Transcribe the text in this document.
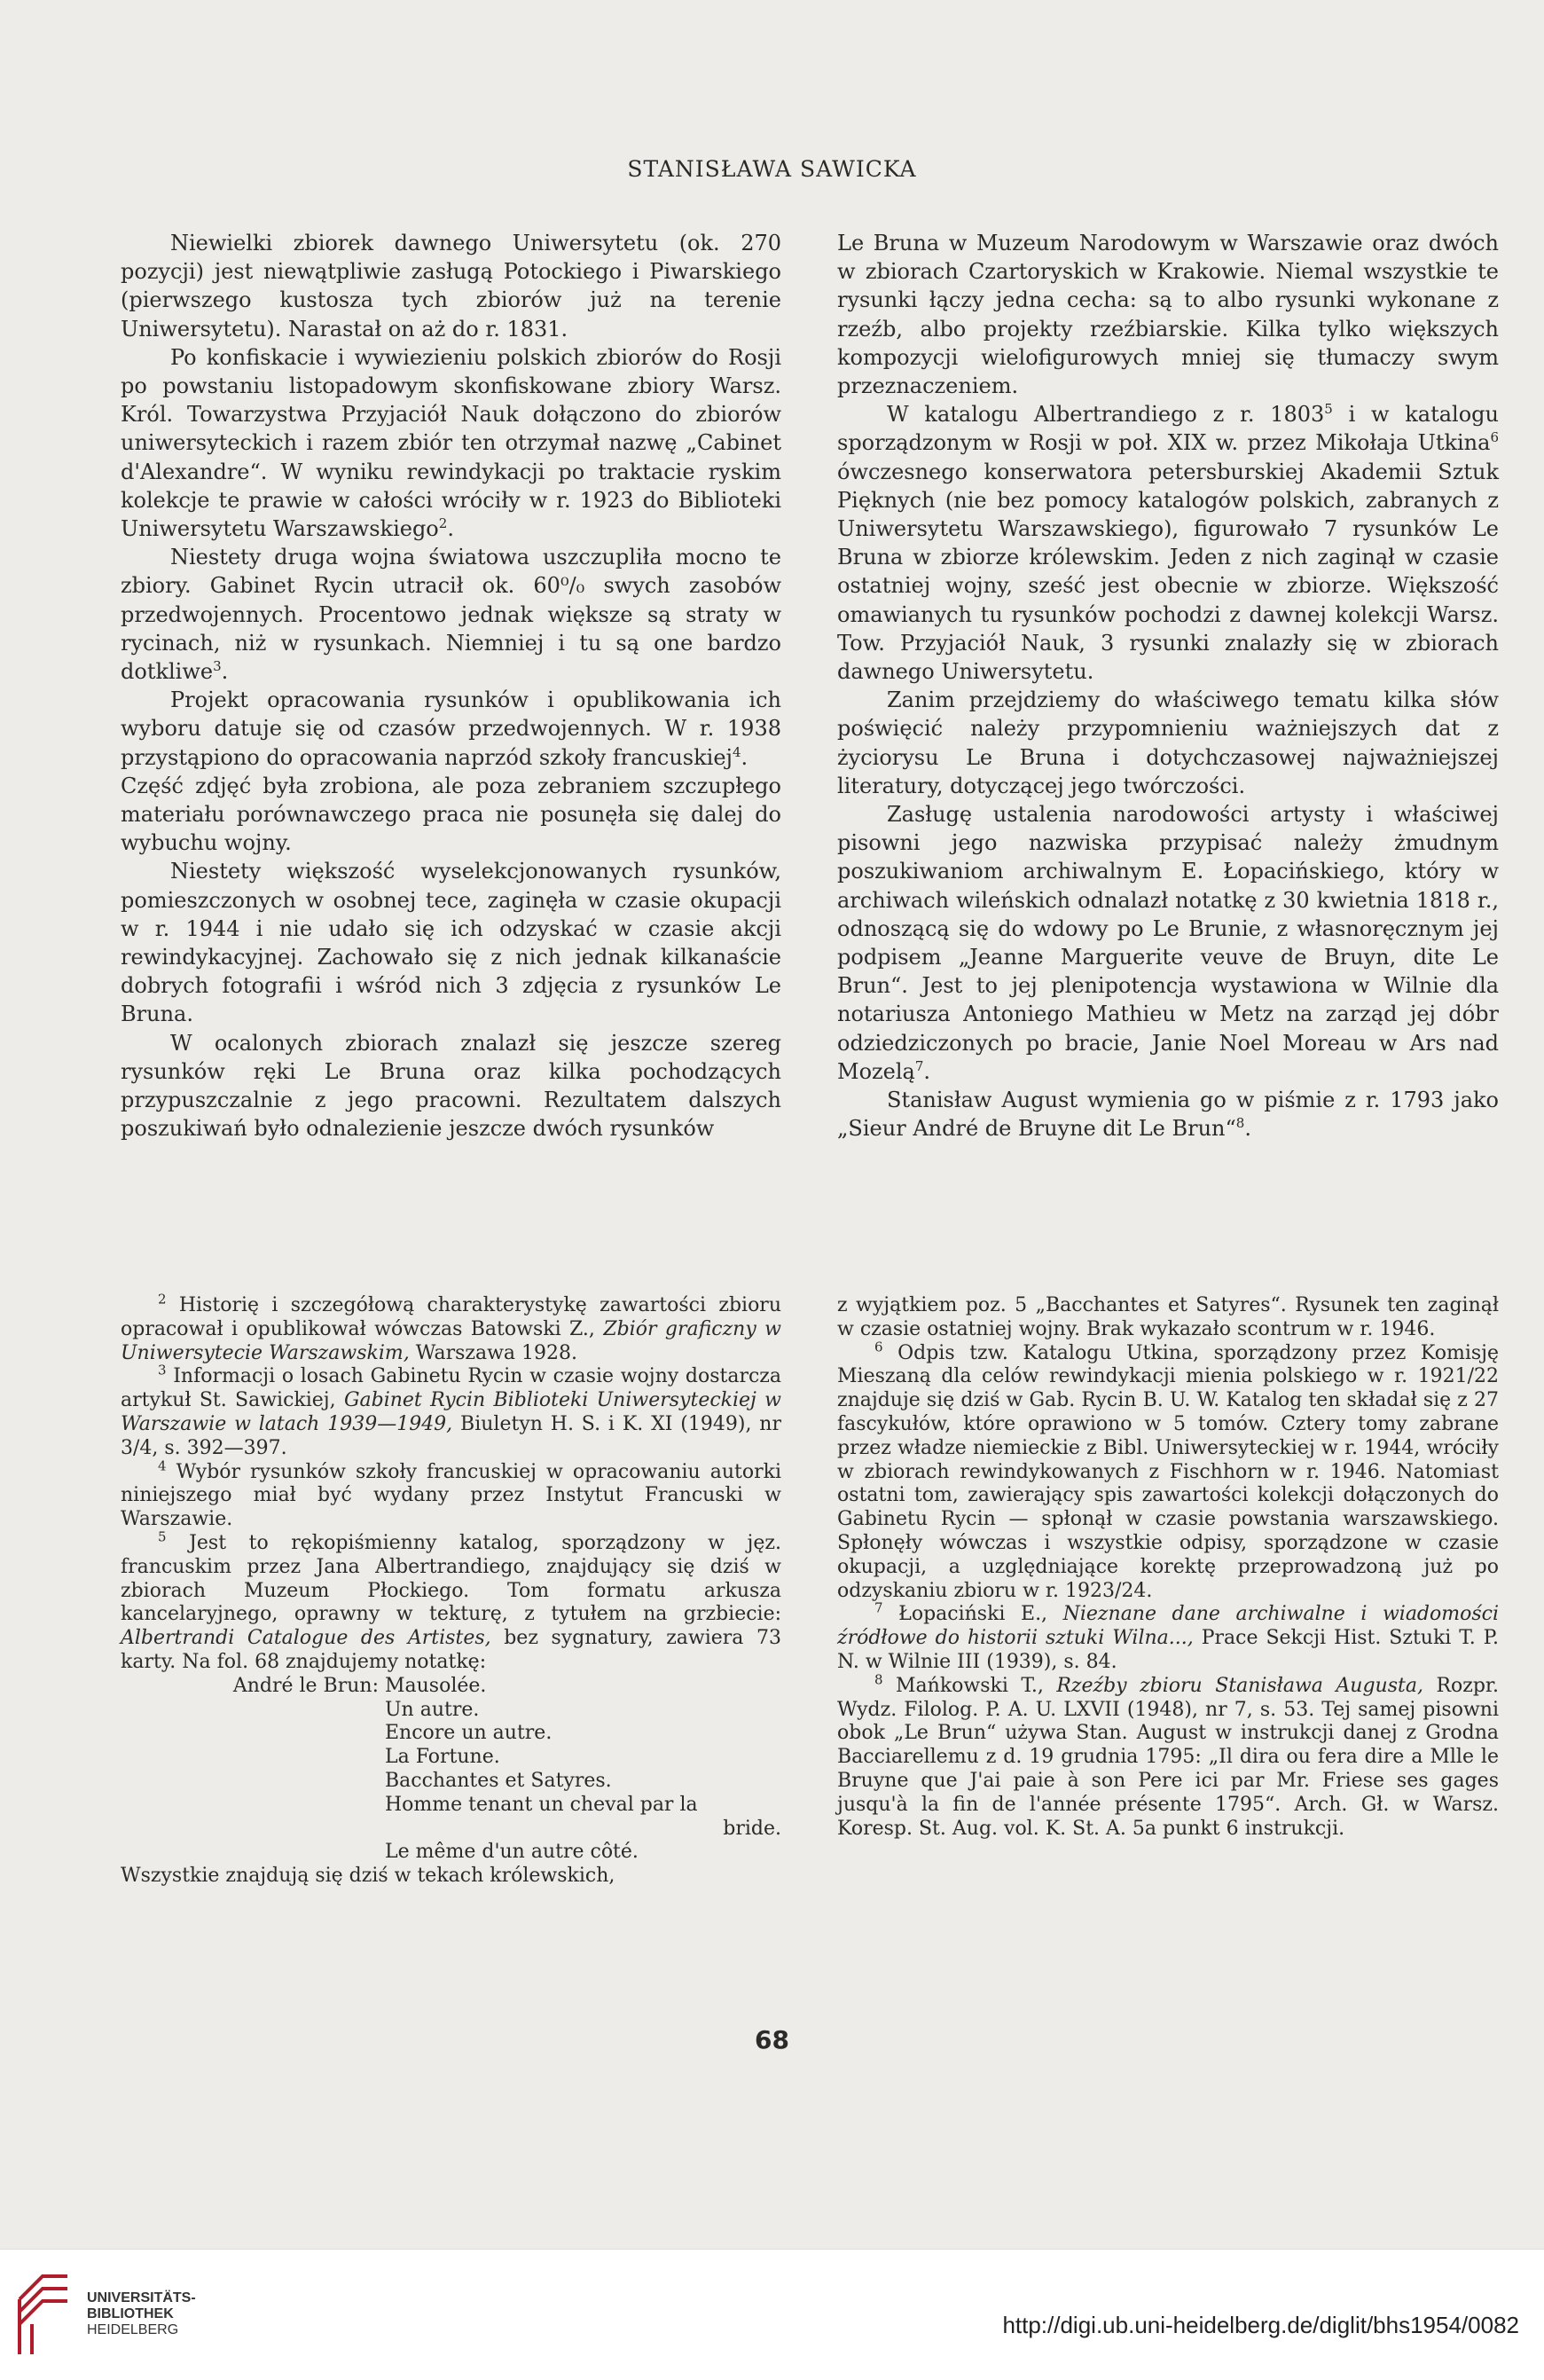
STANISŁAWA SAWICKA

Niewielki zbiorek dawnego Uniwersytetu (ok. 270 pozycji) jest niewątpliwie zasługą Potockiego i Piwarskiego (pierwszego kustosza tych zbiorów już na terenie Uniwersytetu). Narastał on aż do r. 1831.

Po konfiskacie i wywiezieniu polskich zbiorów do Rosji po powstaniu listopadowym skonfiskowane zbiory Warsz. Król. Towarzystwa Przyjaciół Nauk dołączono do zbiorów uniwersyteckich i razem zbiór ten otrzymał nazwę „Cabinet d'Alexandre“. W wyniku rewindykacji po traktacie ryskim kolekcje te prawie w całości wróciły w r. 1923 do Biblioteki Uniwersytetu Warszawskiego$^2$.

Niestety druga wojna światowa uszczupliła mocno te zbiory. Gabinet Rycin utracił ok. 60⁰/₀ swych zasobów przedwojennych. Procentowo jednak większe są straty w rycinach, niż w rysunkach. Niemniej i tu są one bardzo dotkliwe$^3$.

Projekt opracowania rysunków i opublikowania ich wyboru datuje się od czasów przedwojennych. W r. 1938 przystąpiono do opracowania naprzód szkoły francuskiej$^4$.

Część zdjęć była zrobiona, ale poza zebraniem szczupłego materiału porównawczego praca nie posunęła się dalej do wybuchu wojny.

Niestety większość wyselekcjonowanych rysunków, pomieszczonych w osobnej tece, zaginęła w czasie okupacji w r. 1944 i nie udało się ich odzyskać w czasie akcji rewindykacyjnej. Zachowało się z nich jednak kilkanaście dobrych fotografii i wśród nich 3 zdjęcia z rysunków Le Bruna.

W ocalonych zbiorach znalazł się jeszcze szereg rysunków ręki Le Bruna oraz kilka pochodzących przypuszczalnie z jego pracowni. Rezultatem dalszych poszukiwań było odnalezienie jeszcze dwóch rysunków

Le Bruna w Muzeum Narodowym w Warszawie oraz dwóch w zbiorach Czartoryskich w Krakowie. Niemal wszystkie te rysunki łączy jedna cecha: są to albo rysunki wykonane z rzeźb, albo projekty rzeźbiarskie. Kilka tylko większych kompozycji wielofigurowych mniej się tłumaczy swym przeznaczeniem.

W katalogu Albertrandiego z r. 1803$^5$ i w katalogu sporządzonym w Rosji w poł. XIX w. przez Mikołaja Utkina$^6$ ówczesnego konserwatora petersburskiej Akademii Sztuk Pięknych (nie bez pomocy katalogów polskich, zabranych z Uniwersytetu Warszawskiego), figurowało 7 rysunków Le Bruna w zbiorze królewskim. Jeden z nich zaginął w czasie ostatniej wojny, sześć jest obecnie w zbiorze. Większość omawianych tu rysunków pochodzi z dawnej kolekcji Warsz. Tow. Przyjaciół Nauk, 3 rysunki znalazły się w zbiorach dawnego Uniwersytetu.

Zanim przejdziemy do właściwego tematu kilka słów poświęcić należy przypomnieniu ważniejszych dat z życiorysu Le Bruna i dotychczasowej najważniejszej literatury, dotyczącej jego twórczości.

Zasługę ustalenia narodowości artysty i właściwej pisowni jego nazwiska przypisać należy żmudnym poszukiwaniom archiwalnym E. Łopacińskiego, który w archiwach wileńskich odnalazł notatkę z 30 kwietnia 1818 r., odnoszącą się do wdowy po Le Brunie, z własnoręcznym jej podpisem „Jeanne Marguerite veuve de Bruyn, dite Le Brun“. Jest to jej plenipotencja wystawiona w Wilnie dla notariusza Antoniego Mathieu w Metz na zarząd jej dóbr odziedziczonych po bracie, Janie Noel Moreau w Ars nad Mozelą$^7$.

Stanisław August wymienia go w piśmie z r. 1793 jako „Sieur André de Bruyne dit Le Brun“$^8$.

$^2$ Historię i szczegółową charakterystykę zawartości zbioru opracował i opublikował wówczas Batowski Z., Zbiór graficzny w Uniwersytecie Warszawskim, Warszawa 1928.

$^3$ Informacji o losach Gabinetu Rycin w czasie wojny dostarcza artykuł St. Sawickiej, Gabinet Rycin Biblioteki Uniwersyteckiej w Warszawie w latach 1939—1949, Biuletyn H. S. i K. XI (1949), nr 3/4, s. 392—397.

$^4$ Wybór rysunków szkoły francuskiej w opracowaniu autorki niniejszego miał być wydany przez Instytut Francuski w Warszawie.

$^5$ Jest to rękopiśmienny katalog, sporządzony w jęz. francuskim przez Jana Albertrandiego, znajdujący się dziś w zbiorach Muzeum Płockiego. Tom formatu arkusza kancelaryjnego, oprawny w tekturę, z tytułem na grzbiecie: Albertrandi Catalogue des Artistes, bez sygnatury, zawiera 73 karty. Na fol. 68 znajdujemy notatkę:

André le Brun: Mausolée.
Un autre.
Encore un autre.
La Fortune.
Bacchantes et Satyres.
Homme tenant un cheval par la
bride.
Le même d'un autre côté.

Wszystkie znajdują się dziś w tekach królewskich,

z wyjątkiem poz. 5 „Bacchantes et Satyres“. Rysunek ten zaginął w czasie ostatniej wojny. Brak wykazało scontrum w r. 1946.

$^6$ Odpis tzw. Katalogu Utkina, sporządzony przez Komisję Mieszaną dla celów rewindykacji mienia polskiego w r. 1921/22 znajduje się dziś w Gab. Rycin B. U. W. Katalog ten składał się z 27 fascykułów, które oprawiono w 5 tomów. Cztery tomy zabrane przez władze niemieckie z Bibl. Uniwersyteckiej w r. 1944, wróciły w zbiorach rewindykowanych z Fischhorn w r. 1946. Natomiast ostatni tom, zawierający spis zawartości kolekcji dołączonych do Gabinetu Rycin — spłonął w czasie powstania warszawskiego. Spłonęły wówczas i wszystkie odpisy, sporządzone w czasie okupacji, a uzględniające korektę przeprowadzoną już po odzyskaniu zbioru w r. 1923/24.

$^7$ Łopaciński E., Nieznane dane archiwalne i wiadomości źródłowe do historii sztuki Wilna..., Prace Sekcji Hist. Sztuki T. P. N. w Wilnie III (1939), s. 84.

$^8$ Mańkowski T., Rzeźby zbioru Stanisława Augusta, Rozpr. Wydz. Filolog. P. A. U. LXVII (1948), nr 7, s. 53. Tej samej pisowni obok „Le Brun“ używa Stan. August w instrukcji danej z Grodna Bacciarellemu z d. 19 grudnia 1795: „Il dira ou fera dire a Mlle le Bruyne que J'ai paie à son Pere ici par Mr. Friese ses gages jusqu'à la fin de l'année présente 1795“. Arch. Gł. w Warsz. Koresp. St. Aug. vol. K. St. A. 5a punkt 6 instrukcji.

68
UNIVERSITÄTS-
BIBLIOTHEK
HEIDELBERG	http://digi.ub.uni-heidelberg.de/diglit/bhs1954/0082
